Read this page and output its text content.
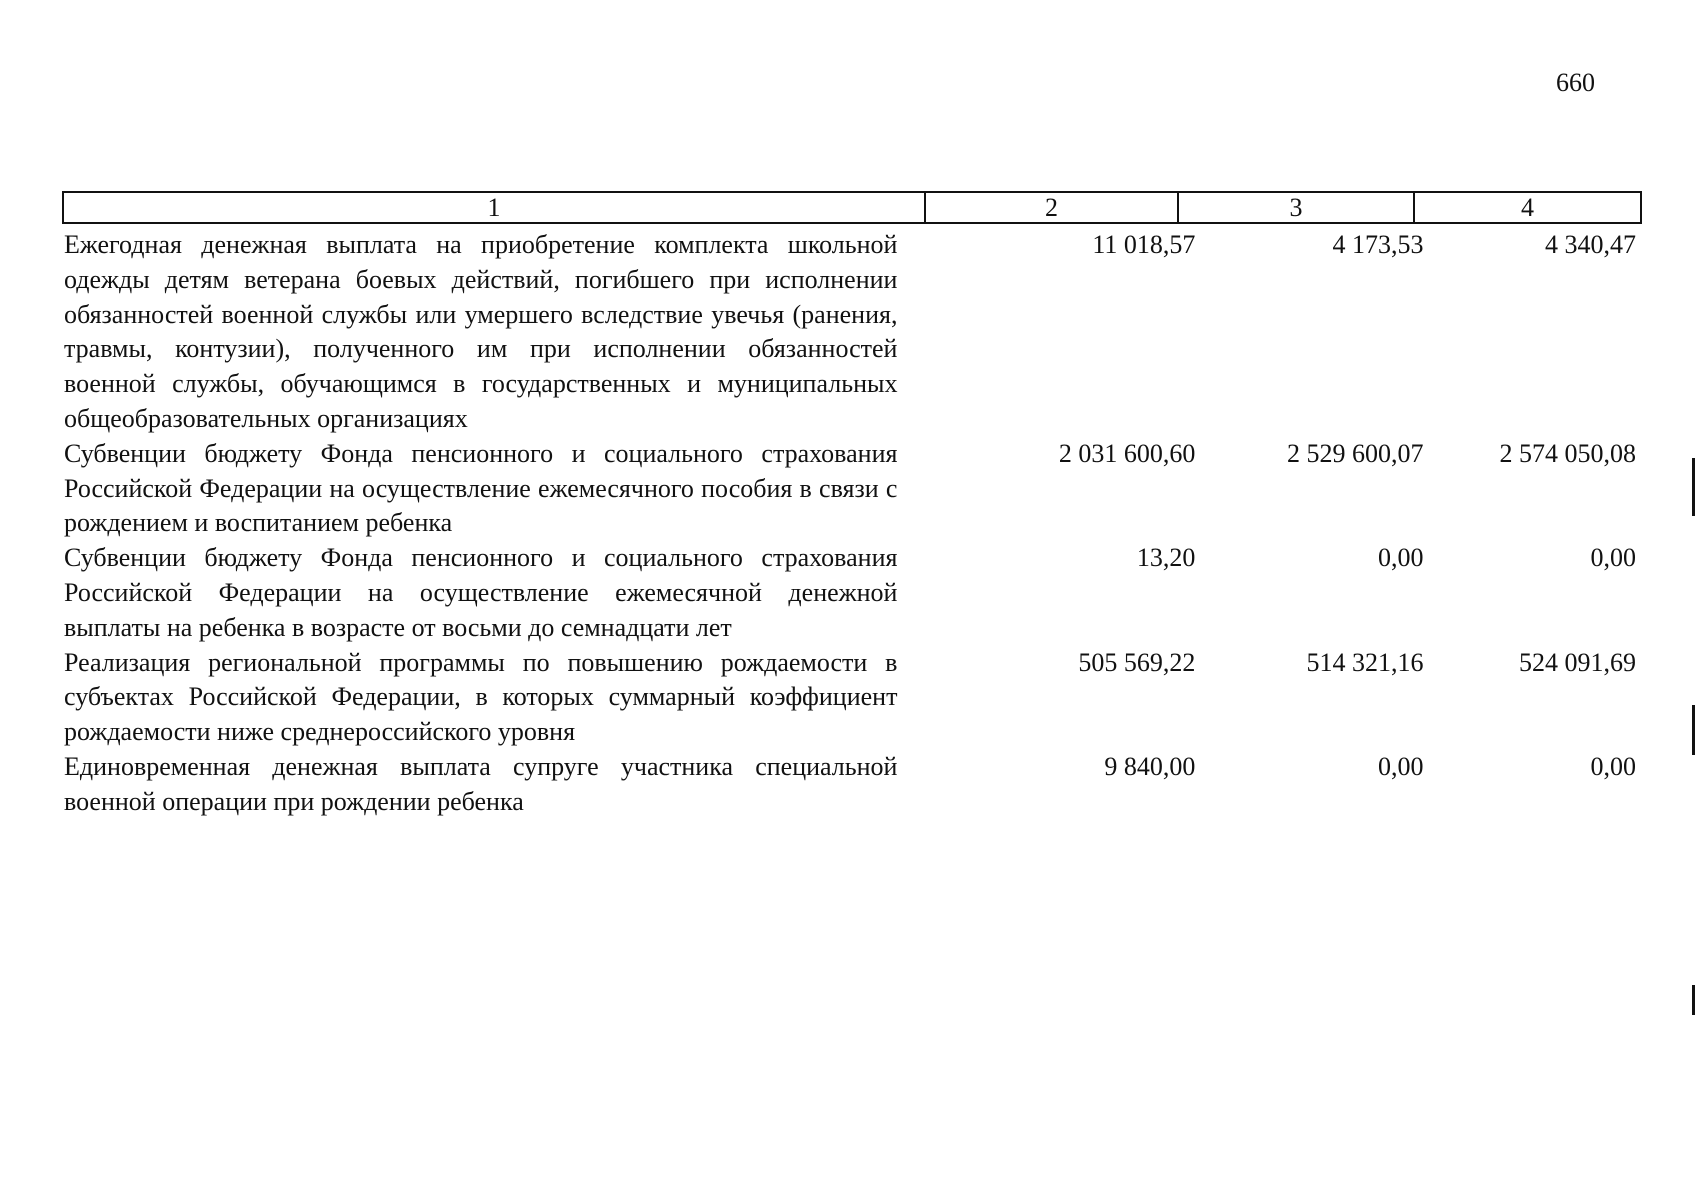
660
1	2	3	4
Ежегодная денежная выплата на приобретение комплекта школьной одежды детям ветерана боевых действий, погибшего при исполнении обязанностей военной службы или умершего вследствие увечья (ранения, травмы, контузии), полученного им при исполнении обязанностей военной службы, обучающимся в государственных и муниципальных общеобразовательных организациях
11 018,57	4 173,53	4 340,47
Субвенции бюджету Фонда пенсионного и социального страхования Российской Федерации на осуществление ежемесячного пособия в связи с рождением и воспитанием ребенка
2 031 600,60	2 529 600,07	2 574 050,08
Субвенции бюджету Фонда пенсионного и социального страхования Российской Федерации на осуществление ежемесячной денежной выплаты на ребенка в возрасте от восьми до семнадцати лет
13,20	0,00	0,00
Реализация региональной программы по повышению рождаемости в субъектах Российской Федерации, в которых суммарный коэффициент рождаемости ниже среднероссийского уровня
505 569,22	514 321,16	524 091,69
Единовременная денежная выплата супруге участника специальной военной операции при рождении ребенка
9 840,00	0,00	0,00
